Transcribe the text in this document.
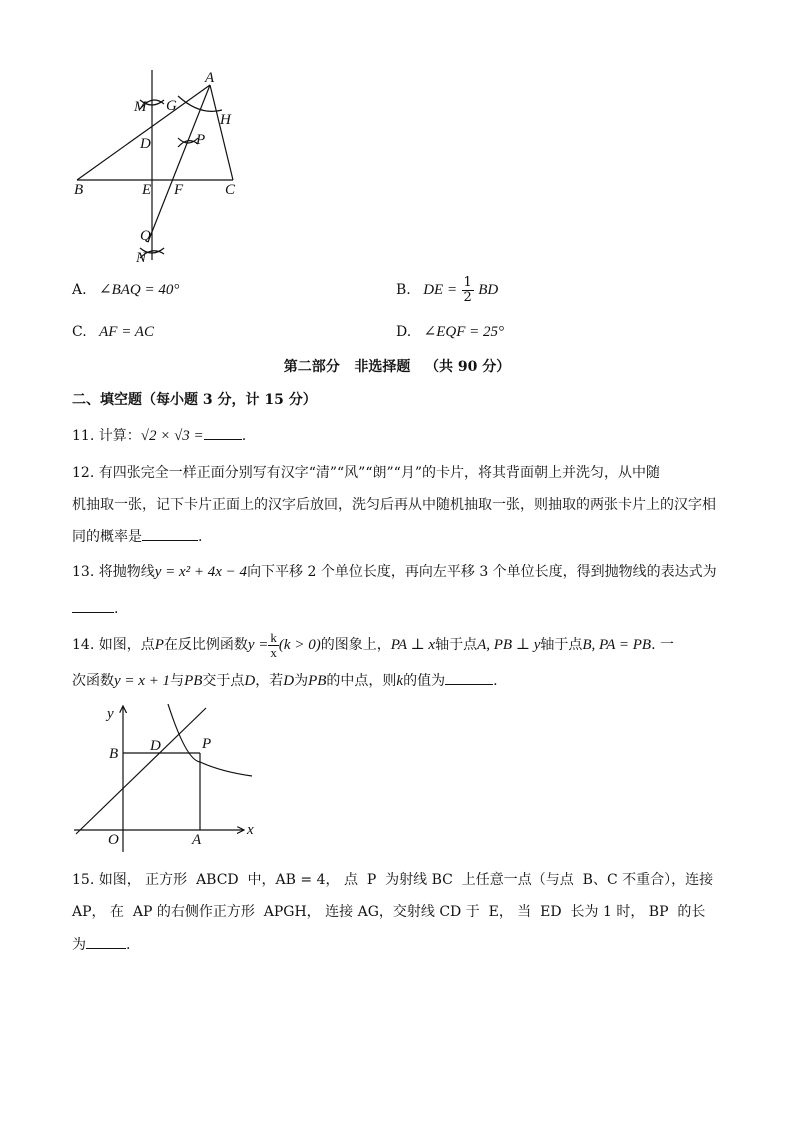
A
M G
H
D	P
B	E F	C
Q
N
A. ∠BAQ = 40°	B. DE = $\frac{1}{2}$ BD
C. AF = AC	D. ∠EQF = 25°
第二部分   非选择题   （共 90 分）
二、填空题（每小题 3 分，计 15 分）
11. 计算：√2 × √3 =	.
12. 有四张完全一样正面分别写有汉字“清”“风”“朗”“月”的卡片，将其背面朝上并洗匀，从中随
机抽取一张，记下卡片正面上的汉字后放回，洗匀后再从中随机抽取一张，则抽取的两张卡片上的汉字相
同的概率是	.
13. 将抛物线y = x² + 4x − 4向下平移 2 个单位长度，再向左平移 3 个单位长度，得到抛物线的表达式为
.
14. 如图，点P在反比例函数$y = \frac{k}{x} (k > 0)$的图象上，PA ⊥ x轴于点A, PB ⊥ y轴于点B, PA = PB. 一
次函数y = x + 1与PB交于点D，若D为PB的中点，则k的值为	.
y
x
B D	P
O	A
15. 如图， 正方形  ABCD  中，AB = 4， 点  P  为射线 BC  上任意一点（与点  B、C 不重合），连接
AP， 在  AP 的右侧作正方形  APGH， 连接 AG，交射线 CD 于  E， 当  ED  长为 1 时， BP  的长
为	.
